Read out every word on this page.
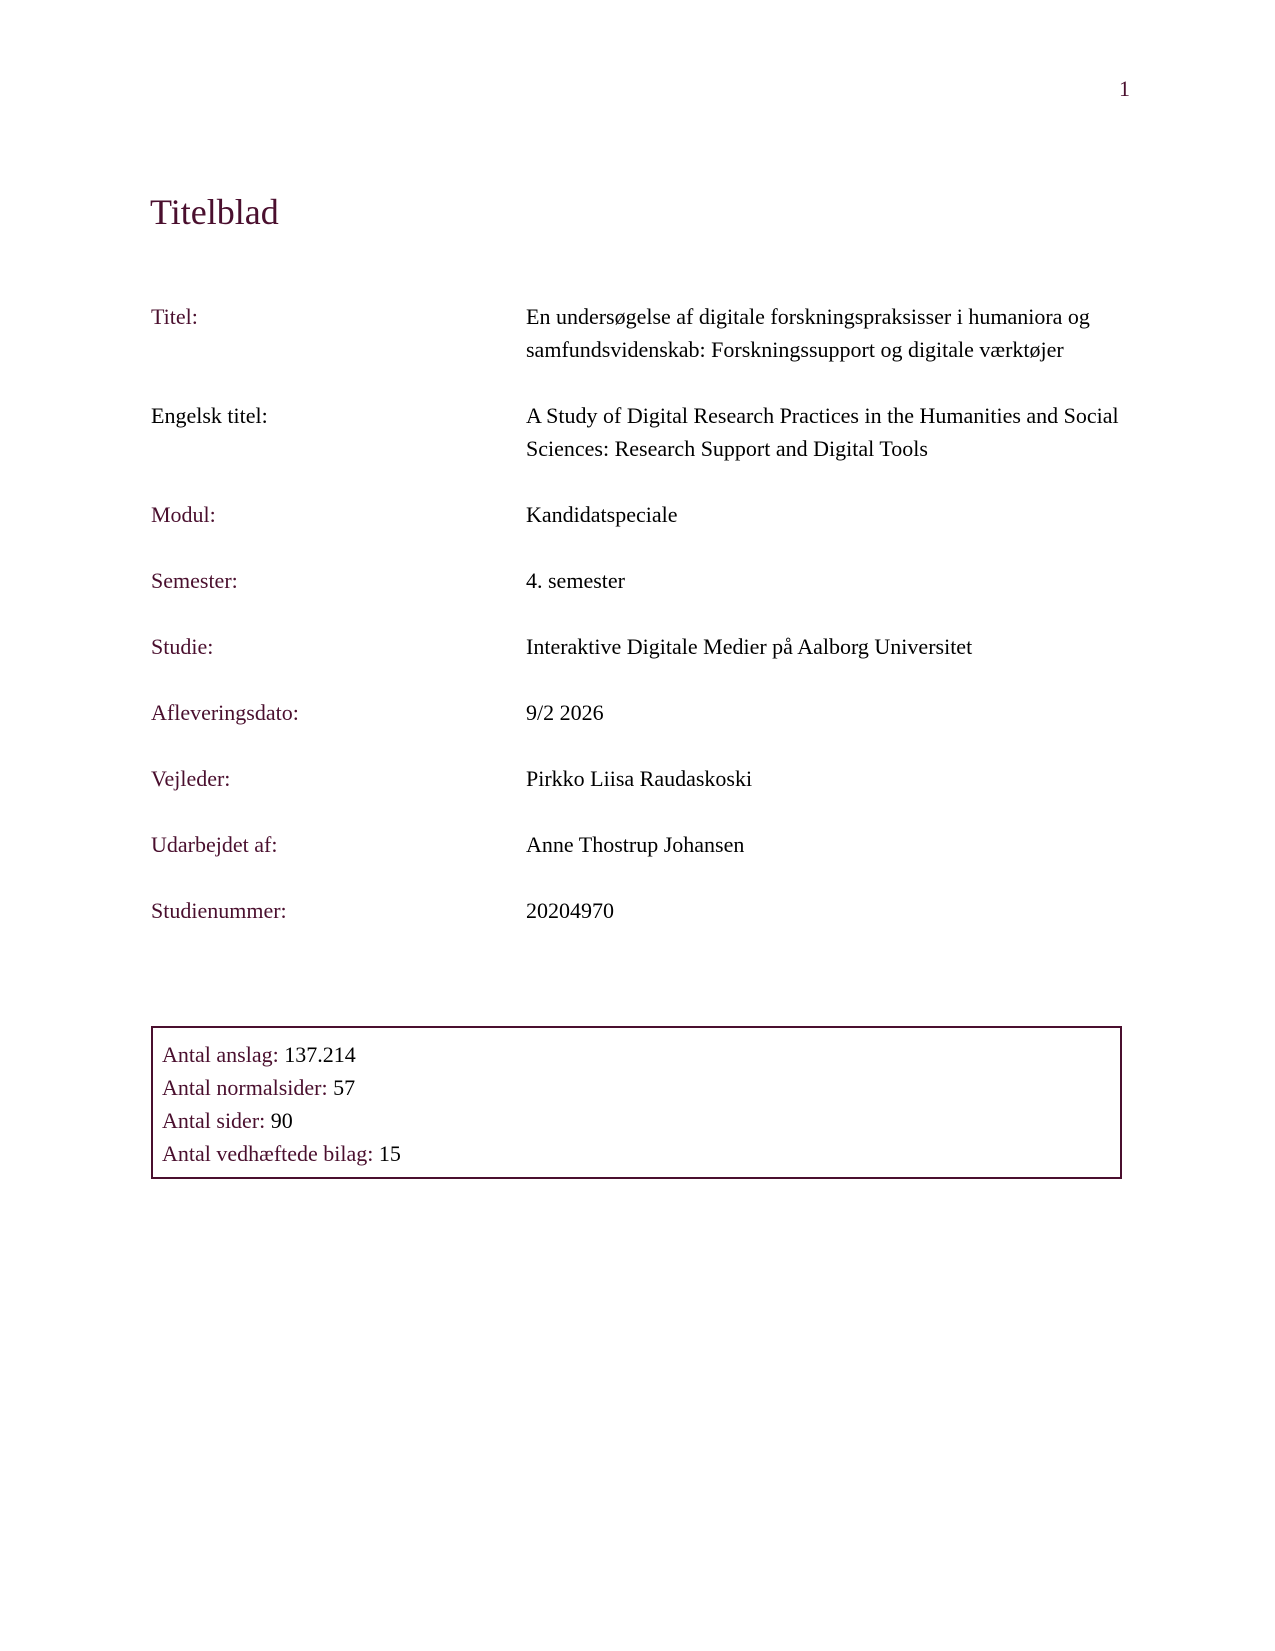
1
Titelblad
Titel:	En undersøgelse af digitale forskningspraksisser i humaniora og samfundsvidenskab: Forskningssupport og digitale værktøjer
Engelsk titel:	A Study of Digital Research Practices in the Humanities and Social Sciences: Research Support and Digital Tools
Modul:	Kandidatspeciale
Semester:	4. semester
Studie:	Interaktive Digitale Medier på Aalborg Universitet
Afleveringsdato:	9/2 2026
Vejleder:	Pirkko Liisa Raudaskoski
Udarbejdet af:	Anne Thostrup Johansen
Studienummer:	20204970
Antal anslag: 137.214
Antal normalsider: 57
Antal sider: 90
Antal vedhæftede bilag: 15
